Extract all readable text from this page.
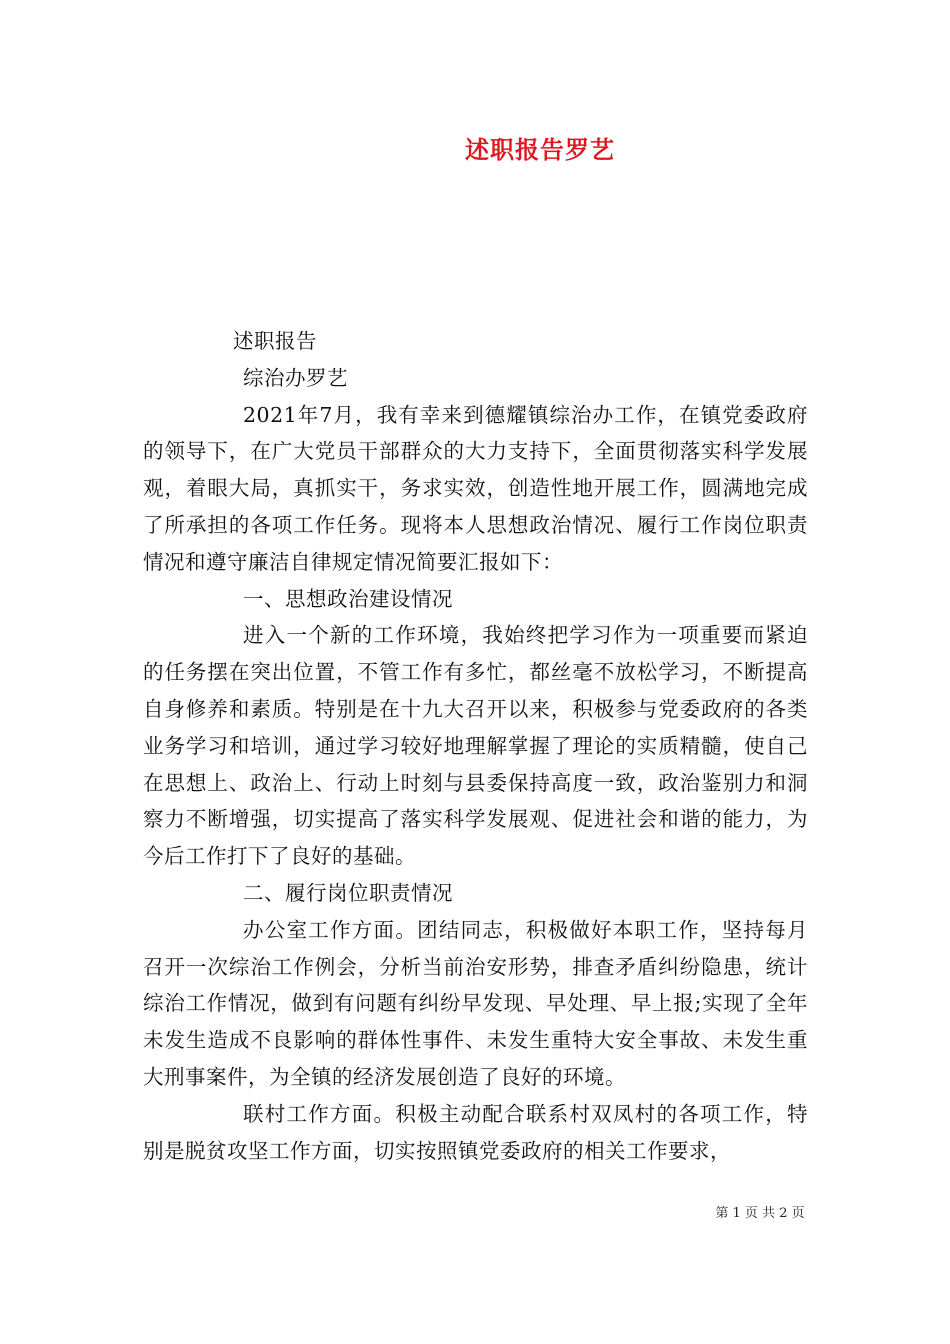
述职报告罗艺

述职报告

综治办罗艺

2021年7月，我有幸来到德耀镇综治办工作，在镇党委政府的领导下，在广大党员干部群众的大力支持下，全面贯彻落实科学发展观，着眼大局，真抓实干，务求实效，创造性地开展工作，圆满地完成了所承担的各项工作任务。现将本人思想政治情况、履行工作岗位职责情况和遵守廉洁自律规定情况简要汇报如下：

一、思想政治建设情况

进入一个新的工作环境，我始终把学习作为一项重要而紧迫的任务摆在突出位置，不管工作有多忙，都丝毫不放松学习，不断提高自身修养和素质。特别是在十九大召开以来，积极参与党委政府的各类业务学习和培训，通过学习较好地理解掌握了理论的实质精髓，使自己在思想上、政治上、行动上时刻与县委保持高度一致，政治鉴别力和洞察力不断增强，切实提高了落实科学发展观、促进社会和谐的能力，为今后工作打下了良好的基础。

二、履行岗位职责情况

办公室工作方面。团结同志，积极做好本职工作，坚持每月召开一次综治工作例会，分析当前治安形势，排查矛盾纠纷隐患，统计综治工作情况，做到有问题有纠纷早发现、早处理、早上报;实现了全年未发生造成不良影响的群体性事件、未发生重特大安全事故、未发生重大刑事案件，为全镇的经济发展创造了良好的环境。

联村工作方面。积极主动配合联系村双凤村的各项工作，特别是脱贫攻坚工作方面，切实按照镇党委政府的相关工作要求，

第 1 页 共 2 页
